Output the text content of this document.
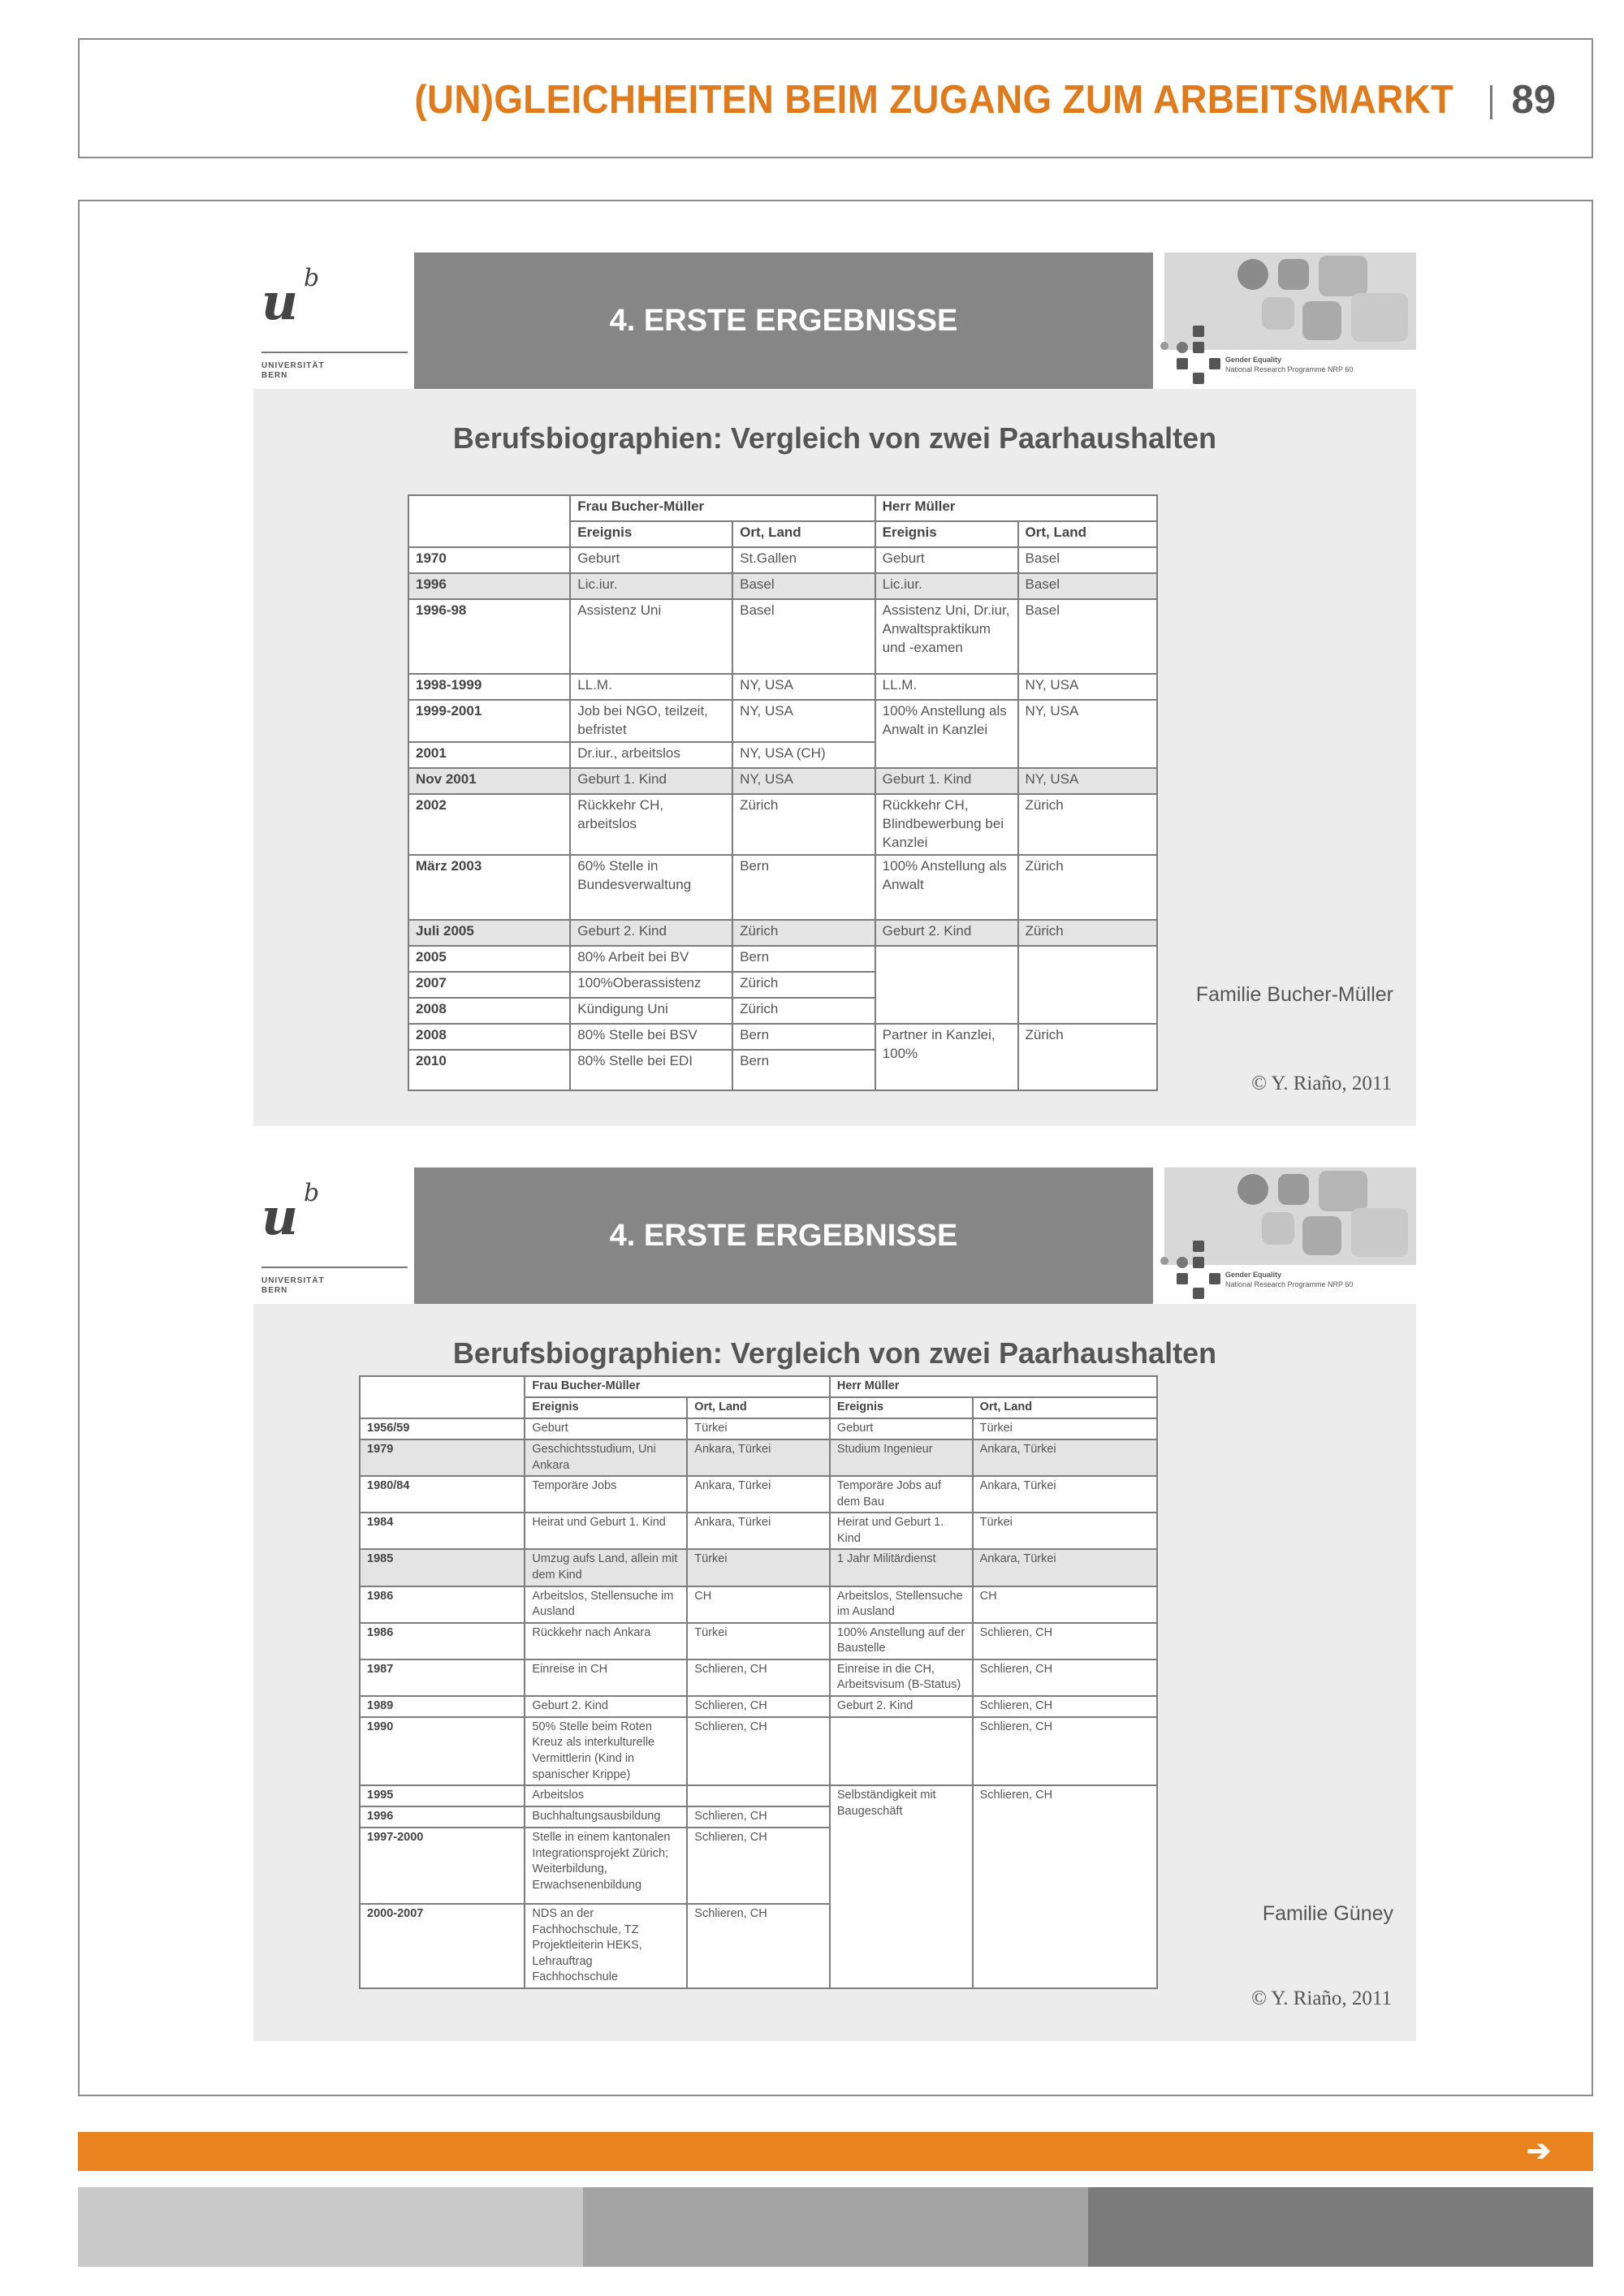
(UN)GLEICHHEITEN BEIM ZUGANG ZUM ARBEITSMARKT 89
u b
UNIVERSITÄT
BERN
4. ERSTE ERGEBNISSE
Gender Equality
National Research Programme NRP 60
Berufsbiographien: Vergleich von zwei Paarhaushalten
	Frau Bucher-Müller		Herr Müller	
	Ereignis	Ort, Land	Ereignis	Ort, Land
1970	Geburt	St.Gallen	Geburt	Basel
1996	Lic.iur.	Basel	Lic.iur.	Basel
1996-98	Assistenz Uni	Basel	Assistenz Uni, Dr.iur, Anwaltspraktikum und -examen	Basel
1998-1999	LL.M.	NY, USA	LL.M.	NY, USA
1999-2001	Job bei NGO, teilzeit, befristet	NY, USA	100% Anstellung als Anwalt in Kanzlei	NY, USA
2001	Dr.iur., arbeitslos	NY, USA (CH)		
Nov 2001	Geburt 1. Kind	NY, USA	Geburt 1. Kind	NY, USA
2002	Rückkehr CH, arbeitslos	Zürich	Rückkehr CH, Blindbewerbung bei Kanzlei	Zürich
März 2003	60% Stelle in Bundesverwaltung	Bern	100% Anstellung als Anwalt	Zürich
Juli 2005	Geburt 2. Kind	Zürich	Geburt 2. Kind	Zürich
2005	80% Arbeit bei BV	Bern		
2007	100%Oberassistenz	Zürich		
2008	Kündigung Uni	Zürich		
2008	80% Stelle bei BSV	Bern	Partner in Kanzlei, 100%	Zürich
2010	80% Stelle bei EDI	Bern		
Familie Bucher-Müller
© Y. Riaño, 2011
u b
UNIVERSITÄT
BERN
4. ERSTE ERGEBNISSE
Gender Equality
National Research Programme NRP 60
Berufsbiographien: Vergleich von zwei Paarhaushalten
	Frau Bucher-Müller		Herr Müller	
	Ereignis	Ort, Land	Ereignis	Ort, Land
1956/59	Geburt	Türkei	Geburt	Türkei
1979	Geschichtsstudium, Uni Ankara	Ankara, Türkei	Studium Ingenieur	Ankara, Türkei
1980/84	Temporäre Jobs	Ankara, Türkei	Temporäre Jobs auf dem Bau	Ankara, Türkei
1984	Heirat und Geburt 1. Kind	Ankara, Türkei	Heirat und Geburt 1. Kind	Türkei
1985	Umzug aufs Land, allein mit dem Kind	Türkei	1 Jahr Militärdienst	Ankara, Türkei
1986	Arbeitslos, Stellensuche im Ausland	CH	Arbeitslos, Stellensuche im Ausland	CH
1986	Rückkehr nach Ankara	Türkei	100% Anstellung auf der Baustelle	Schlieren, CH
1987	Einreise in CH	Schlieren, CH	Einreise in die CH, Arbeitsvisum (B-Status)	Schlieren, CH
1989	Geburt 2. Kind	Schlieren, CH	Geburt 2. Kind	Schlieren, CH
1990	50% Stelle beim Roten Kreuz als interkulturelle Vermittlerin (Kind in spanischer Krippe)	Schlieren, CH		Schlieren, CH
1995	Arbeitslos		Selbständigkeit mit Baugeschäft	Schlieren, CH
1996	Buchhaltungsausbildung	Schlieren, CH		
1997-2000	Stelle in einem kantonalen Integrationsprojekt Zürich; Weiterbildung, Erwachsenenbildung	Schlieren, CH		
2000-2007	NDS an der Fachhochschule, TZ Projektleiterin HEKS, Lehrauftrag Fachhochschule	Schlieren, CH			Familie Güney
© Y. Riaño, 2011
➔
